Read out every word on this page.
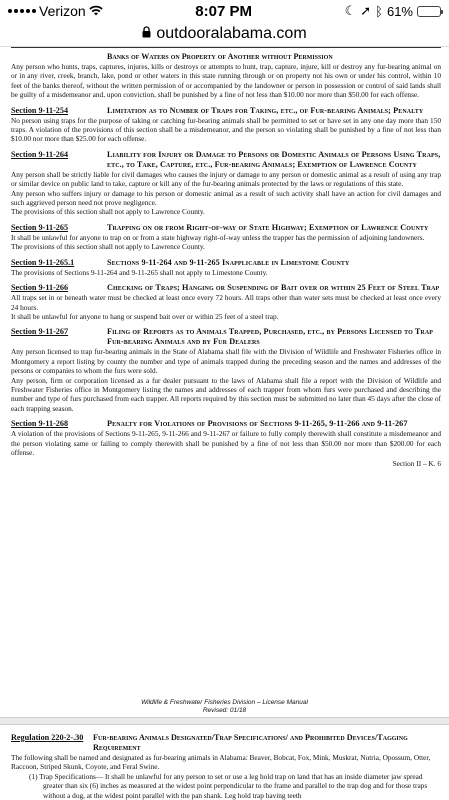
Verizon	8:07 PM	☾ ➚ ᛒ 61%
outdooralabama.com
Banks of Waters on Property of Another without Permission

Any person who hunts, traps, captures, injures, kills or destroys or attempts to hunt, trap, capture, injure, kill or destroy any fur-bearing animal on or in any river, creek, branch, lake, pond or other waters in this state running through or on property not his own or under his control, within 10 feet of the banks thereof, without the written permission of or accompanied by the landowner or person in possession or control of said lands shall be guilty of a misdemeanor and, upon conviction, shall be punished by a fine of not less than $10.00 nor more than $50.00 for each offense.

Section 9-11-254	Limitation as to Number of Traps for Taking, etc., of Fur-bearing Animals; Penalty

No person using traps for the purpose of taking or catching fur-bearing animals shall be permitted to set or have set in any one day more than 150 traps. A violation of the provisions of this section shall be a misdemeanor, and the person so violating shall be punished by a fine of not less than $10.00 nor more than $25.00 for each offense.

Section 9-11-264	Liability for Injury or Damage to Persons or Domestic Animals of Persons Using Traps, etc., to Take, Capture, etc., Fur-bearing Animals; Exemption of Lawrence County

Any person shall be strictly liable for civil damages who causes the injury or damage to any person or domestic animal as a result of using any trap or similar device on public land to take, capture or kill any of the fur-bearing animals protected by the laws or regulations of this state.

Any person who suffers injury or damage to his person or domestic animal as a result of such activity shall have an action for civil damages and such aggrieved person need not prove negligence.

The provisions of this section shall not apply to Lawrence County.

Section 9-11-265	Trapping on or from Right-of-way of State Highway; Exemption of Lawrence County

It shall be unlawful for anyone to trap on or from a state highway right-of-way unless the trapper has the permission of adjoining landowners.

The provisions of this section shall not apply to Lawrence County.

Section 9-11-265.1	Sections 9-11-264 and 9-11-265 Inapplicable in Limestone County

The provisions of Sections 9-11-264 and 9-11-265 shall not apply to Limestone County.

Section 9-11-266	Checking of Traps; Hanging or Suspending of Bait over or within 25 Feet of Steel Trap

All traps set in or beneath water must be checked at least once every 72 hours. All traps other than water sets must be checked at least once every 24 hours.

It shall be unlawful for anyone to hang or suspend bait over or within 25 feet of a steel trap.

Section 9-11-267	Filing of Reports as to Animals Trapped, Purchased, etc., by Persons Licensed to Trap Fur-bearing Animals and by Fur Dealers

Any person licensed to trap fur-bearing animals in the State of Alabama shall file with the Division of Wildlife and Freshwater Fisheries office in Montgomery a report listing by county the number and type of animals trapped during the preceding season and the names and addresses of the persons or companies to whom the furs were sold.

Any person, firm or corporation licensed as a fur dealer pursuant to the laws of Alabama shall file a report with the Division of Wildlife and Freshwater Fisheries office in Montgomery listing the names and addresses of each trapper from whom furs were purchased and describing the number and type of furs purchased from each trapper. All reports required by this section must be submitted no later than 45 days after the close of each trapping season.

Section 9-11-268	Penalty for Violations of Provisions of Sections 9-11-265, 9-11-266 and 9-11-267

A violation of the provisions of Sections 9-11-265, 9-11-266 and 9-11-267 or failure to fully comply therewith shall constitute a misdemeanor and the person violating same or failing to comply therewith shall be punished by a fine of not less than $50.00 nor more than $200.00 for each offense.

Section II – K. 6
Wildlife & Freshwater Fisheries Division – License Manual
Revised: 01/18
Regulation 220-2-.30	Fur-bearing Animals Designated/Trap Specifications/ and Prohibited Devices/Tagging Requirement

The following shall be named and designated as fur-bearing animals in Alabama: Beaver, Bobcat, Fox, Mink, Muskrat, Nutria, Opossum, Otter, Raccoon, Striped Skunk, Coyote, and Feral Swine.

(1) Trap Specifications— It shall be unlawful for any person to set or use a leg hold trap on land that has an inside diameter jaw spread greater than six (6) inches as measured at the widest point perpendicular to the frame and parallel to the trap dog and for those traps without a dog, at the widest point parallel with the pan shank. Leg hold trap having teeth
